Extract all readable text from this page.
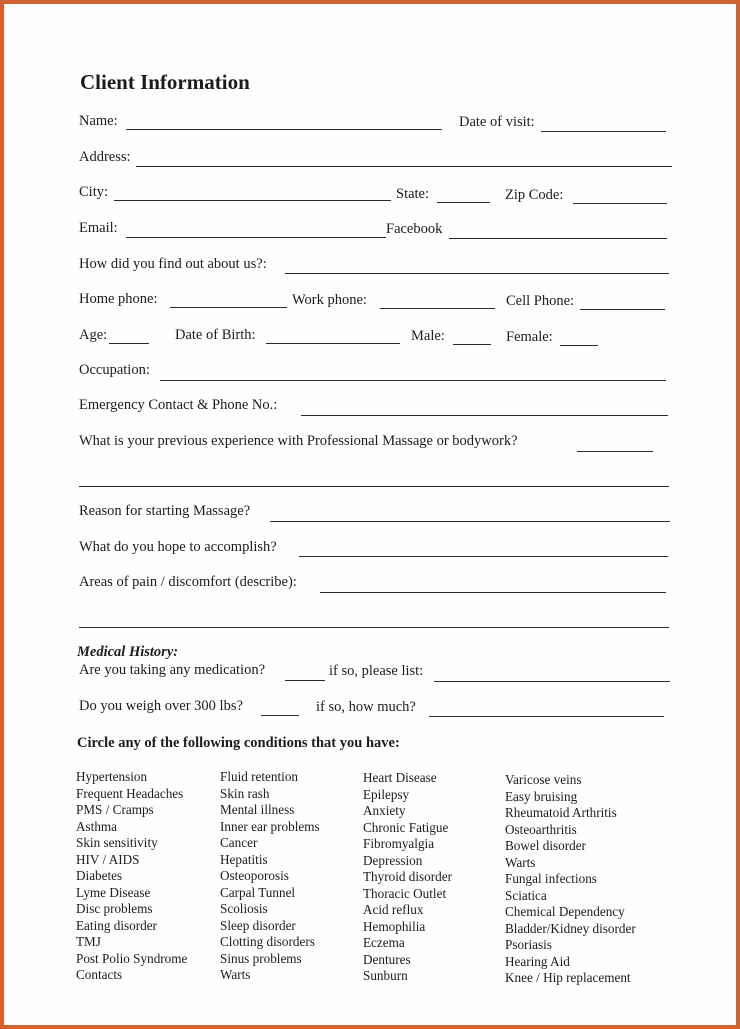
Client Information
Name:	Date of visit:
Address:
City:	State:	Zip Code:
Email:	Facebook
How did you find out about us?:
Home phone:	Work phone:	Cell Phone:
Age:	Date of Birth:	Male:	Female:
Occupation:
Emergency Contact & Phone No.:
What is your previous experience with Professional Massage or bodywork?
Reason for starting Massage?
What do you hope to accomplish?
Areas of pain / discomfort (describe):
Medical History:
Are you taking any medication?	if so, please list:
Do you weigh over 300 lbs?	if so, how much?
Circle any of the following conditions that you have:
Hypertension
Frequent Headaches
PMS / Cramps
Asthma
Skin sensitivity
HIV / AIDS
Diabetes
Lyme Disease
Disc problems
Eating disorder
TMJ
Post Polio Syndrome
Contacts
Fluid retention
Skin rash
Mental illness
Inner ear problems
Cancer
Hepatitis
Osteoporosis
Carpal Tunnel
Scoliosis
Sleep disorder
Clotting disorders
Sinus problems
Warts
Heart Disease
Epilepsy
Anxiety
Chronic Fatigue
Fibromyalgia
Depression
Thyroid disorder
Thoracic Outlet
Acid reflux
Hemophilia
Eczema
Dentures
Sunburn
Varicose veins
Easy bruising
Rheumatoid Arthritis
Osteoarthritis
Bowel disorder
Warts
Fungal infections
Sciatica
Chemical Dependency
Bladder/Kidney disorder
Psoriasis
Hearing Aid
Knee / Hip replacement
